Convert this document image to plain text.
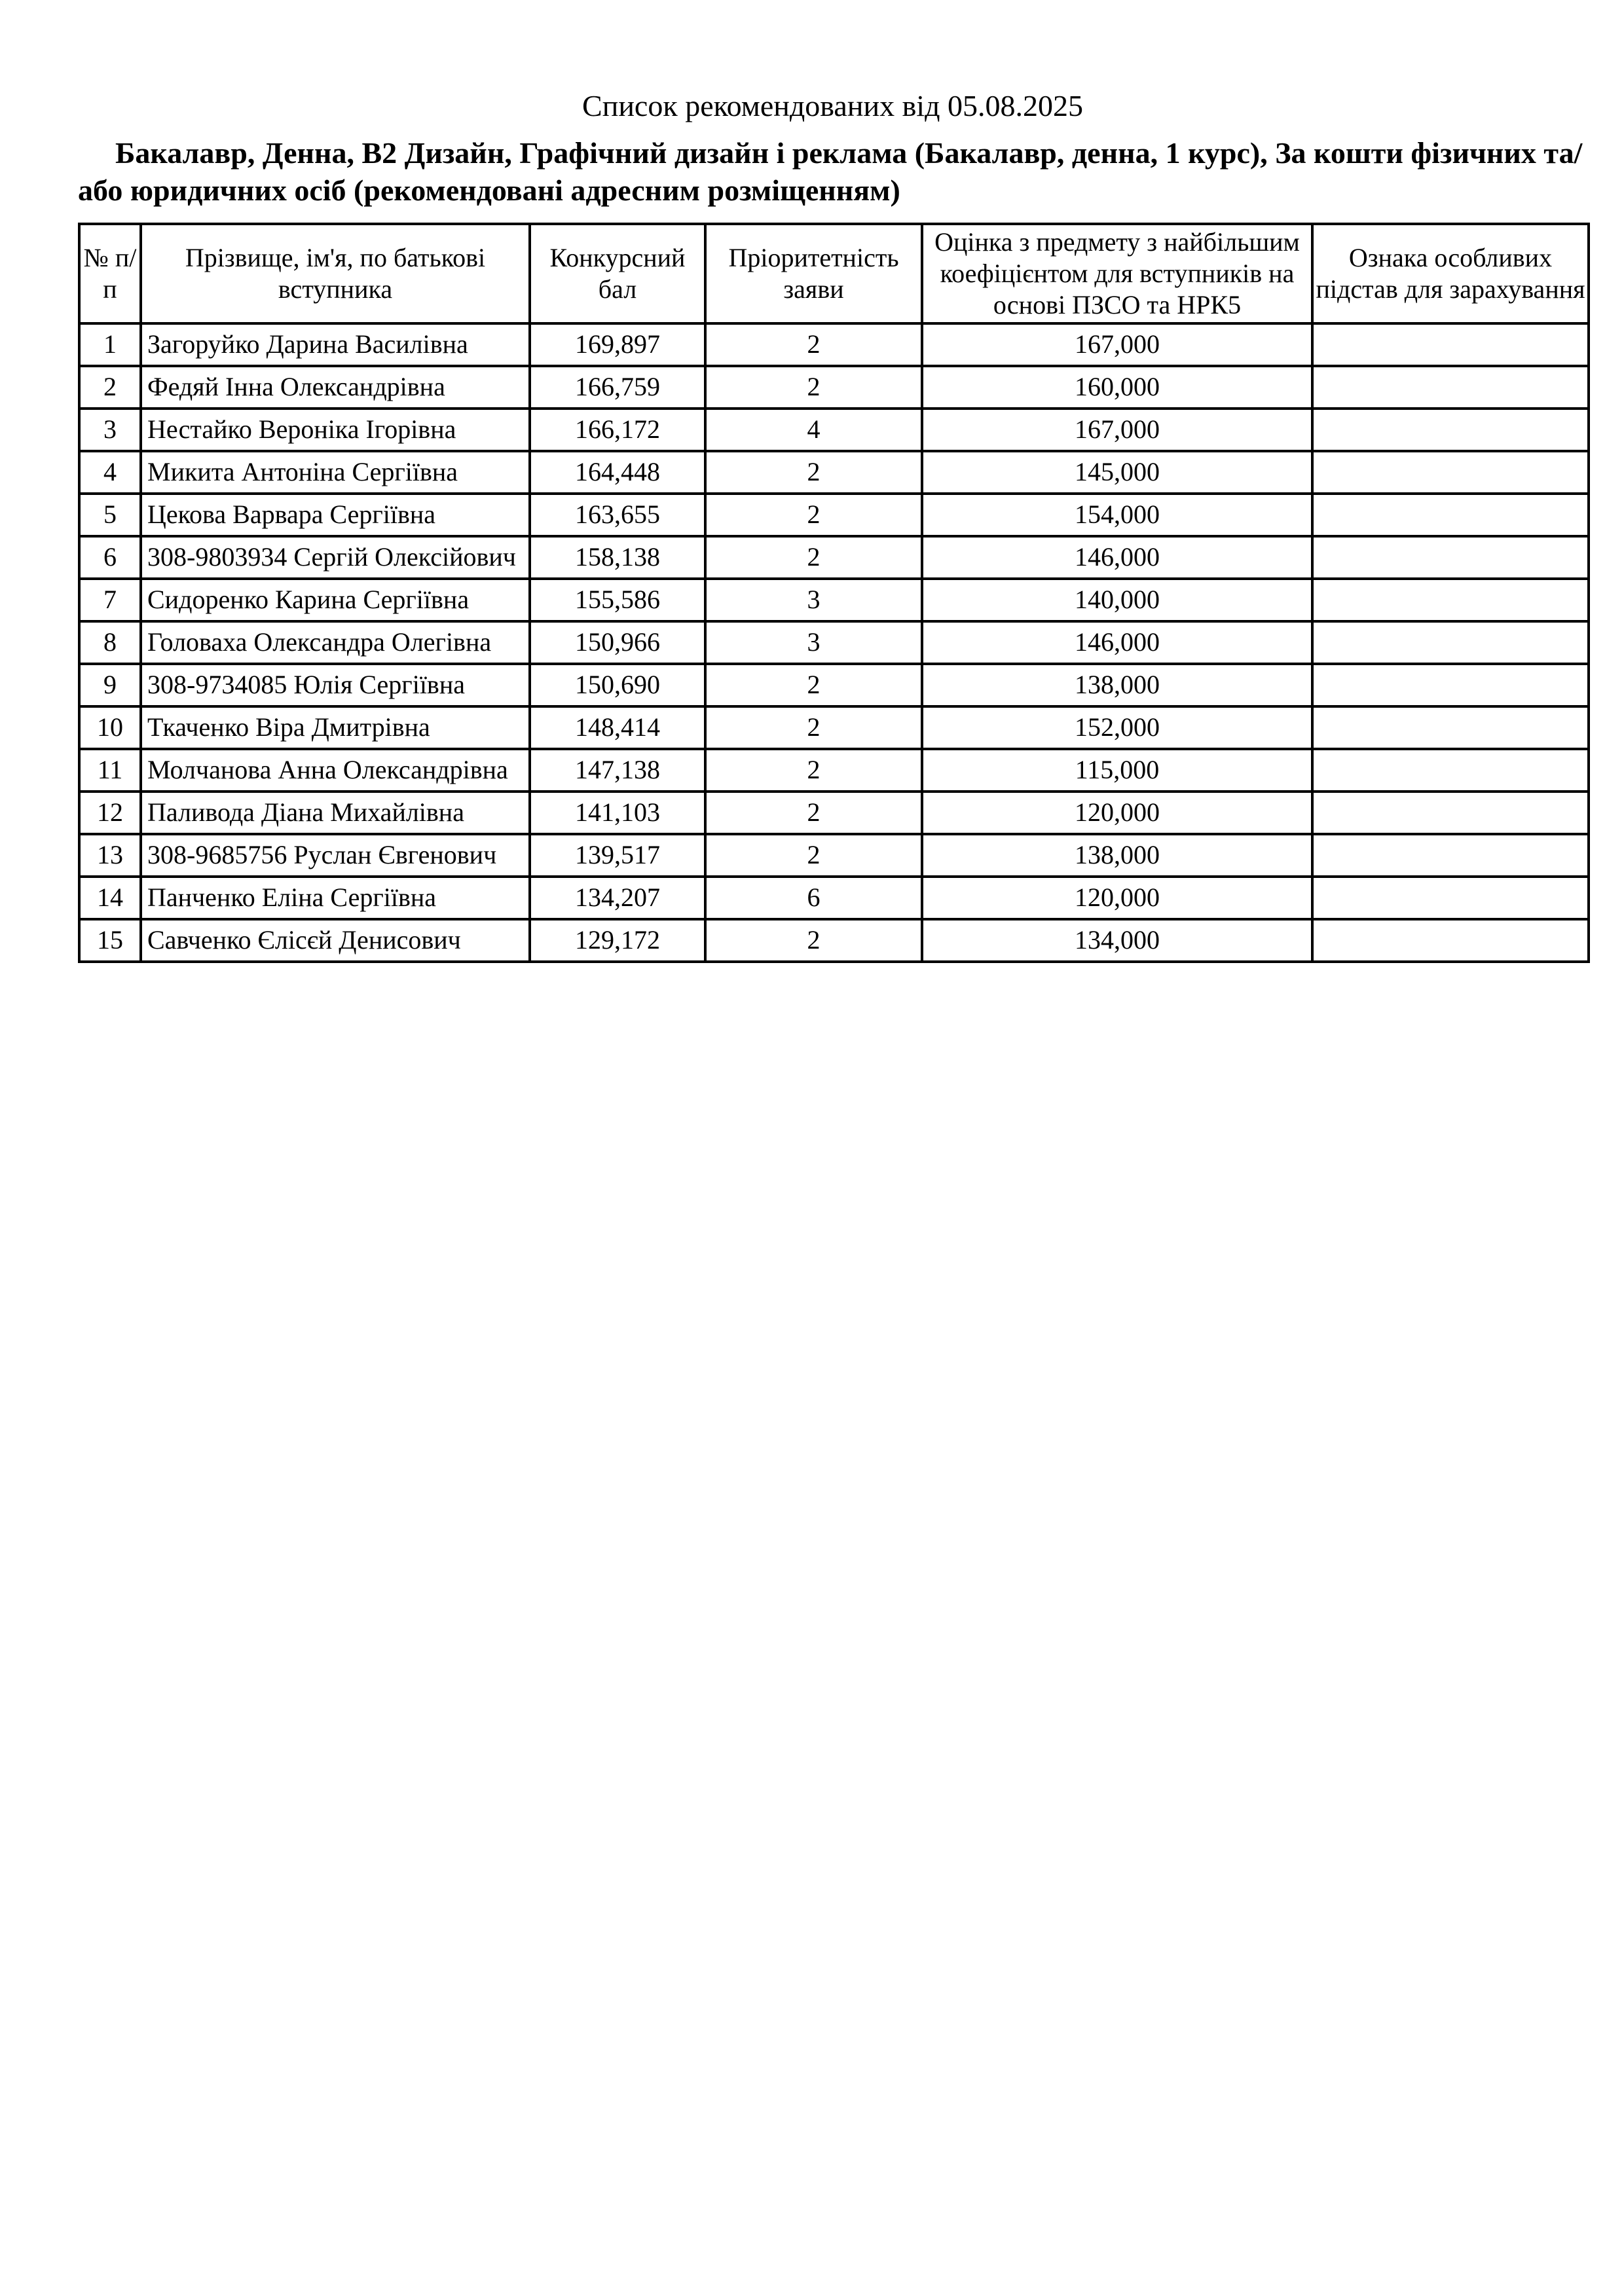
Список рекомендованих від 05.08.2025

Бакалавр, Денна, В2 Дизайн, Графічний дизайн і реклама (Бакалавр, денна, 1 курс), За кошти фізичних та/або юридичних осіб (рекомендовані адресним розміщенням)

№ п/п	Прізвище, ім'я, по батькові вступника	Конкурсний бал	Пріоритетність заяви	Оцінка з предмету з найбільшим коефіцієнтом для вступників на основі ПЗСО та НРК5	Ознака особливих підстав для зарахування
1	Загоруйко Дарина Василівна	169,897	2	167,000	
2	Федяй Інна Олександрівна	166,759	2	160,000	
3	Нестайко Вероніка Ігорівна	166,172	4	167,000	
4	Микита Антоніна Сергіївна	164,448	2	145,000	
5	Цекова Варвара Сергіївна	163,655	2	154,000	
6	308-9803934 Сергій Олексійович	158,138	2	146,000	
7	Сидоренко Карина Сергіївна	155,586	3	140,000	
8	Головаха Олександра Олегівна	150,966	3	146,000	
9	308-9734085 Юлія Сергіївна	150,690	2	138,000	
10	Ткаченко Віра Дмитрівна	148,414	2	152,000	
11	Молчанова Анна Олександрівна	147,138	2	115,000	
12	Паливода Діана Михайлівна	141,103	2	120,000	
13	308-9685756 Руслан Євгенович	139,517	2	138,000	
14	Панченко Еліна Сергіївна	134,207	6	120,000	
15	Савченко Єлісєй Денисович	129,172	2	134,000	
